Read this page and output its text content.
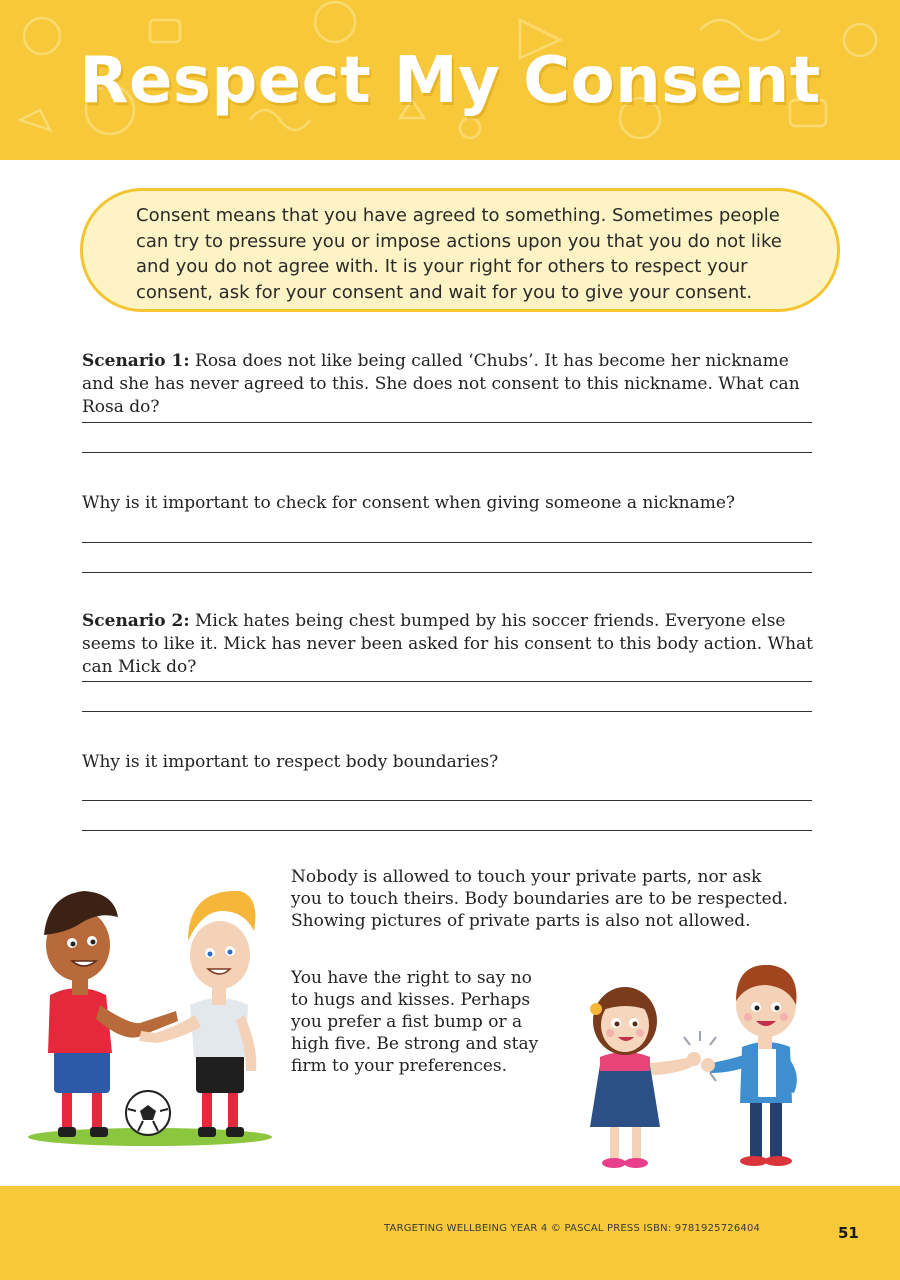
Respect My Consent
Consent means that you have agreed to something. Sometimes people can try to pressure you or impose actions upon you that you do not like and you do not agree with. It is your right for others to respect your consent, ask for your consent and wait for you to give your consent.
Scenario 1: Rosa does not like being called ‘Chubs’. It has become her nickname and she has never agreed to this. She does not consent to this nickname. What can Rosa do?
Why is it important to check for consent when giving someone a nickname?
Scenario 2: Mick hates being chest bumped by his soccer friends. Everyone else seems to like it. Mick has never been asked for his consent to this body action. What can Mick do?
Why is it important to respect body boundaries?
Nobody is allowed to touch your private parts, nor ask you to touch theirs. Body boundaries are to be respected. Showing pictures of private parts is also not allowed.
You have the right to say no to hugs and kisses. Perhaps you prefer a fist bump or a high five. Be strong and stay firm to your preferences.
TARGETING WELLBEING YEAR 4 © PASCAL PRESS ISBN: 9781925726404	51
